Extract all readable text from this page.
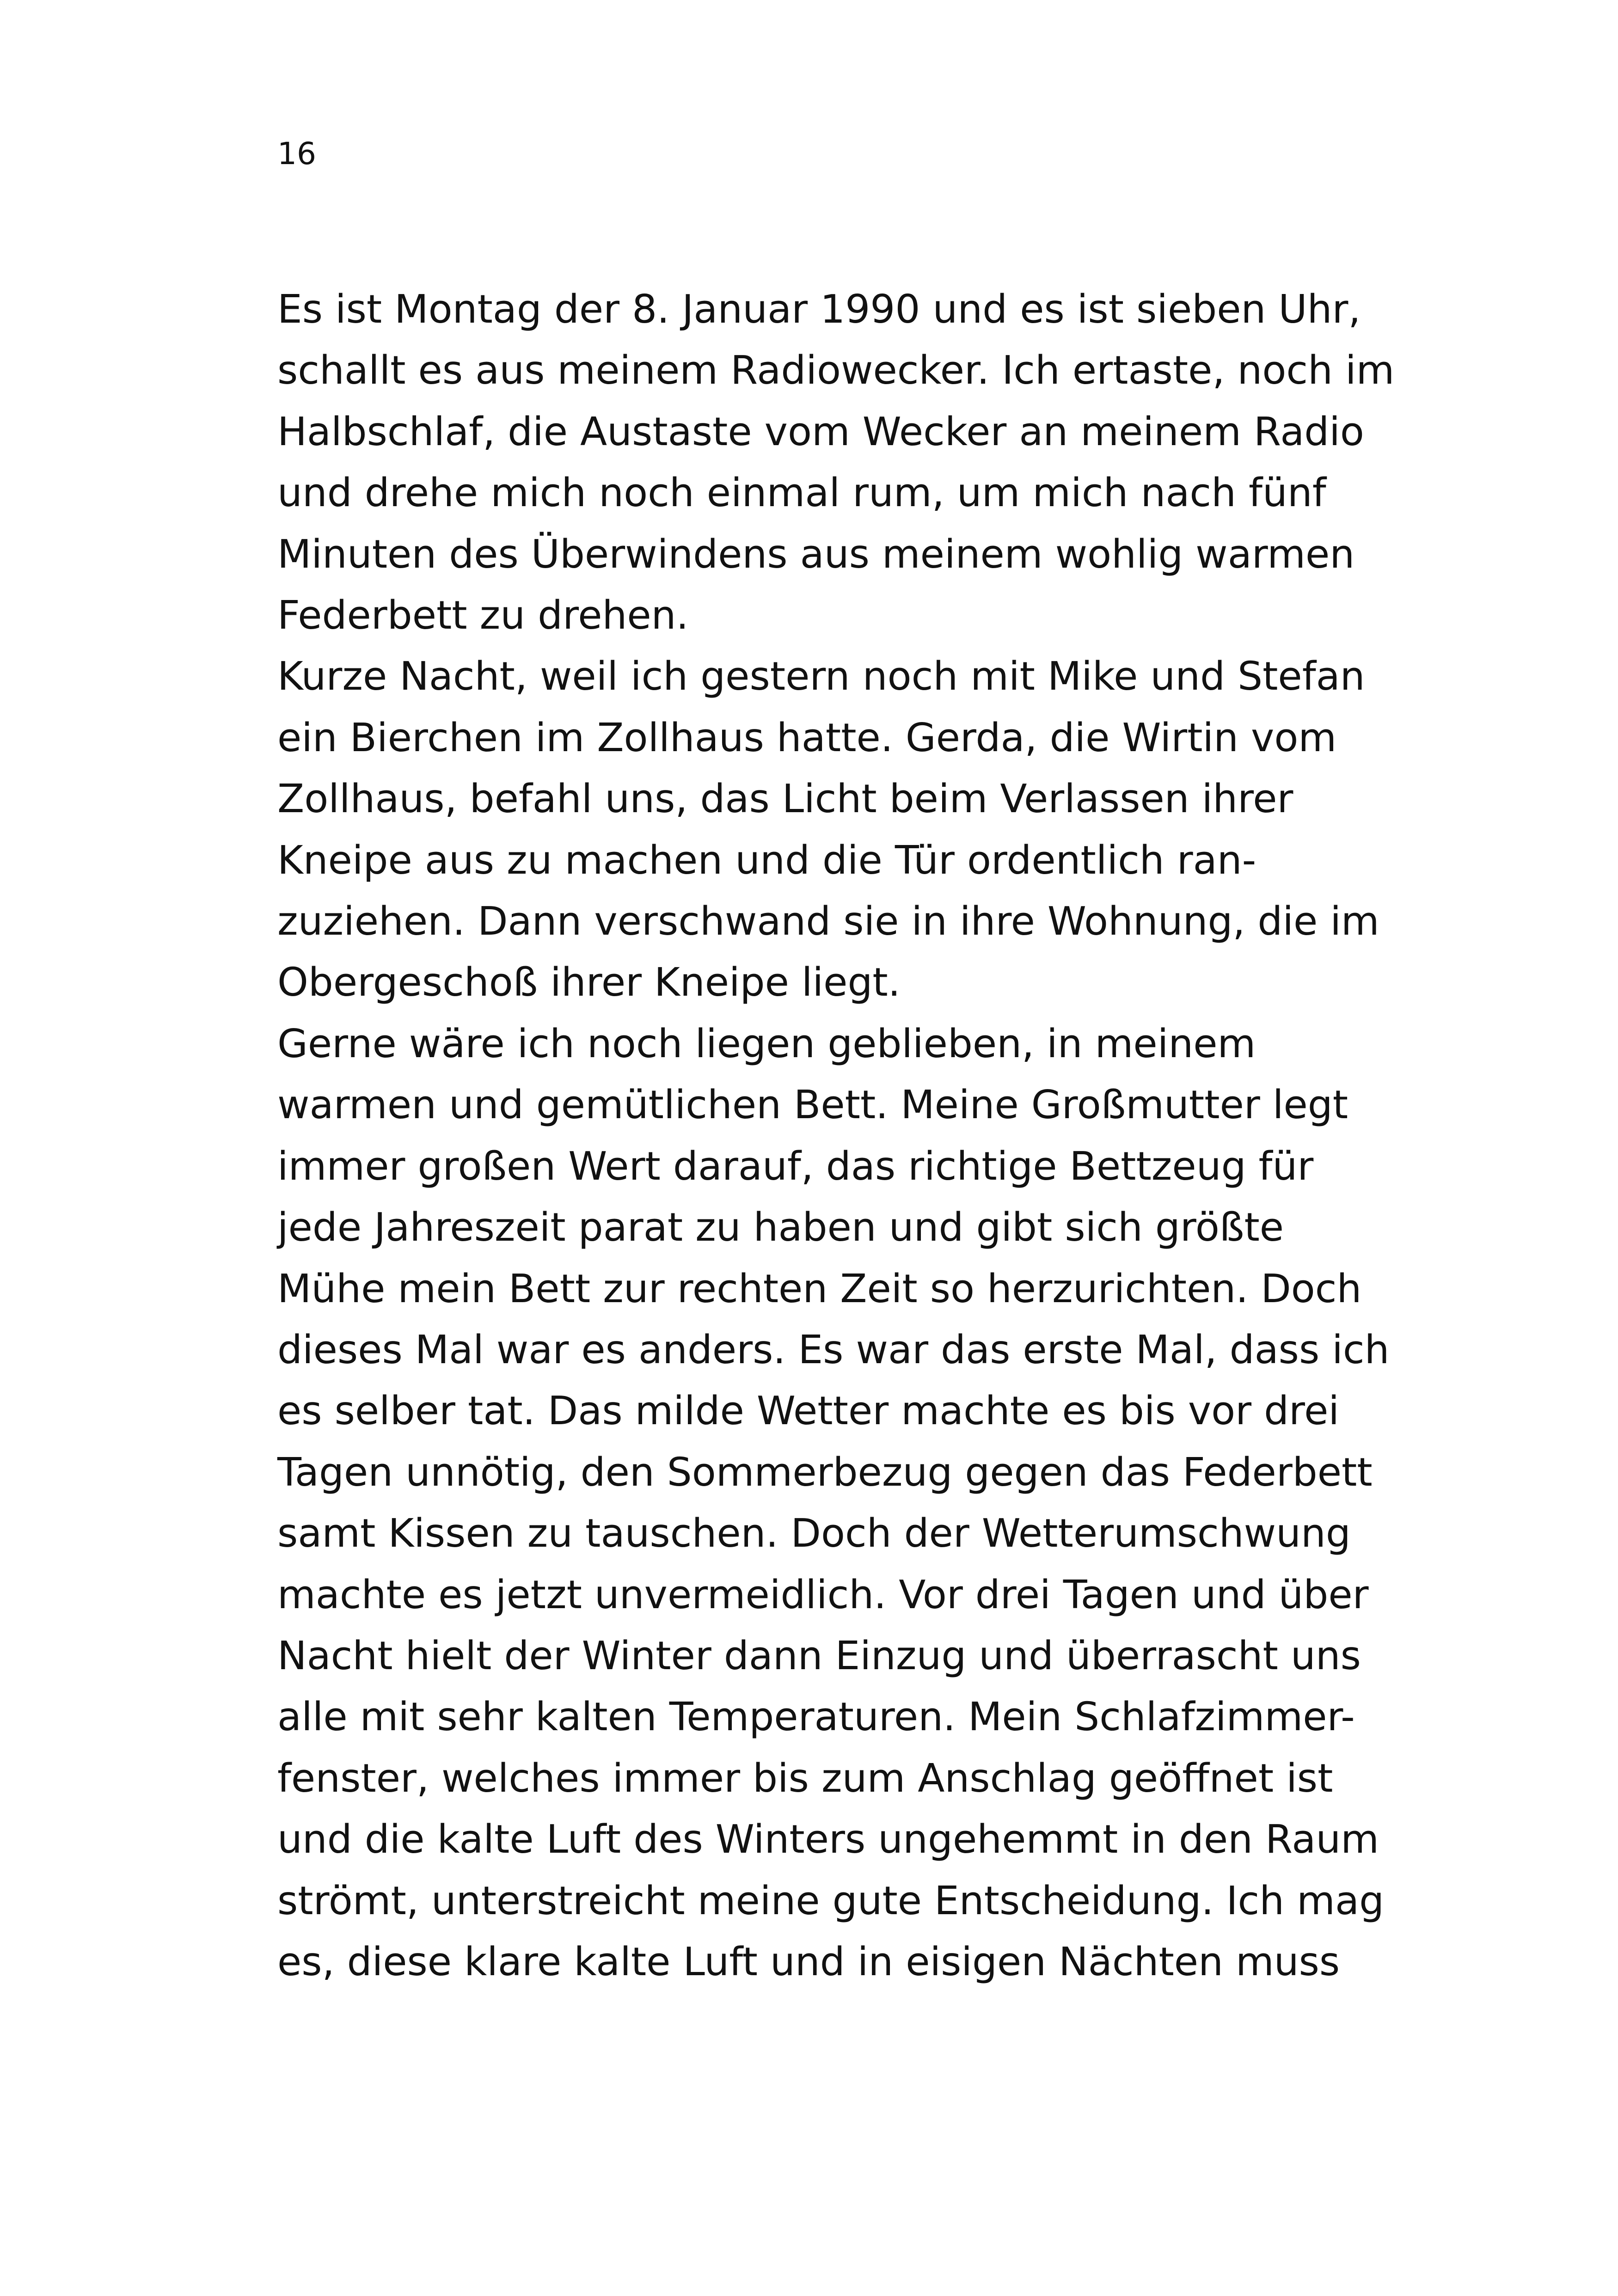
16
Es ist Montag der 8. Januar 1990 und es ist sieben Uhr,
schallt es aus meinem Radiowecker. Ich ertaste, noch im
Halbschlaf, die Austaste vom Wecker an meinem Radio
und drehe mich noch einmal rum, um mich nach fünf
Minuten des Überwindens aus meinem wohlig warmen
Federbett zu drehen.
Kurze Nacht, weil ich gestern noch mit Mike und Stefan
ein Bierchen im Zollhaus hatte. Gerda, die Wirtin vom
Zollhaus, befahl uns, das Licht beim Verlassen ihrer
Kneipe aus zu machen und die Tür ordentlich ran-
zuziehen. Dann verschwand sie in ihre Wohnung, die im
Obergeschoß ihrer Kneipe liegt.
Gerne wäre ich noch liegen geblieben, in meinem
warmen und gemütlichen Bett. Meine Großmutter legt
immer großen Wert darauf, das richtige Bettzeug für
jede Jahreszeit parat zu haben und gibt sich größte
Mühe mein Bett zur rechten Zeit so herzurichten. Doch
dieses Mal war es anders. Es war das erste Mal, dass ich
es selber tat. Das milde Wetter machte es bis vor drei
Tagen unnötig, den Sommerbezug gegen das Federbett
samt Kissen zu tauschen. Doch der Wetterumschwung
machte es jetzt unvermeidlich. Vor drei Tagen und über
Nacht hielt der Winter dann Einzug und überrascht uns
alle mit sehr kalten Temperaturen. Mein Schlafzimmer-
fenster, welches immer bis zum Anschlag geöffnet ist
und die kalte Luft des Winters ungehemmt in den Raum
strömt, unterstreicht meine gute Entscheidung. Ich mag
es, diese klare kalte Luft und in eisigen Nächten muss
